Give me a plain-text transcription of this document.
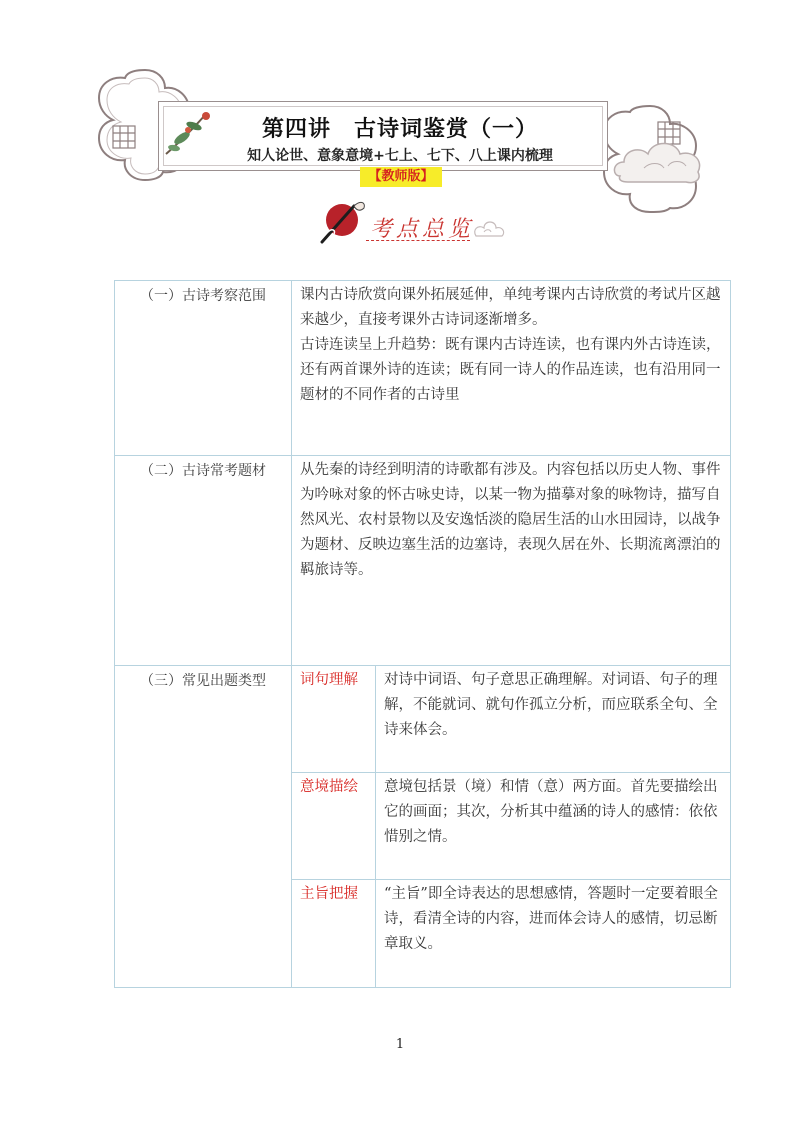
第四讲　古诗词鉴赏（一）
知人论世、意象意境+七上、七下、八上课内梳理
【教师版】
考点总览
（一）古诗考察范围	课内古诗欣赏向课外拓展延伸，单纯考课内古诗欣赏的考试片区越来越少，直接考课外古诗词逐渐增多。
古诗连读呈上升趋势：既有课内古诗连读，也有课内外古诗连读，还有两首课外诗的连读；既有同一诗人的作品连读，也有沿用同一题材的不同作者的古诗里	

（二）古诗常考题材	从先秦的诗经到明清的诗歌都有涉及。内容包括以历史人物、事件为吟咏对象的怀古咏史诗，以某一物为描摹对象的咏物诗，描写自然风光、农村景物以及安逸恬淡的隐居生活的山水田园诗，以战争为题材、反映边塞生活的边塞诗，表现久居在外、长期流离漂泊的羁旅诗等。	

（三）常见出题类型	词句理解	对诗中词语、句子意思正确理解。对词语、句子的理解，不能就词、就句作孤立分析，而应联系全句、全诗来体会。
	意境描绘	意境包括景（境）和情（意）两方面。首先要描绘出它的画面；其次，分析其中蕴涵的诗人的感情：依依惜别之情。
	主旨把握	“主旨”即全诗表达的思想感情，答题时一定要着眼全诗，看清全诗的内容，进而体会诗人的感情，切忌断章取义。
1
